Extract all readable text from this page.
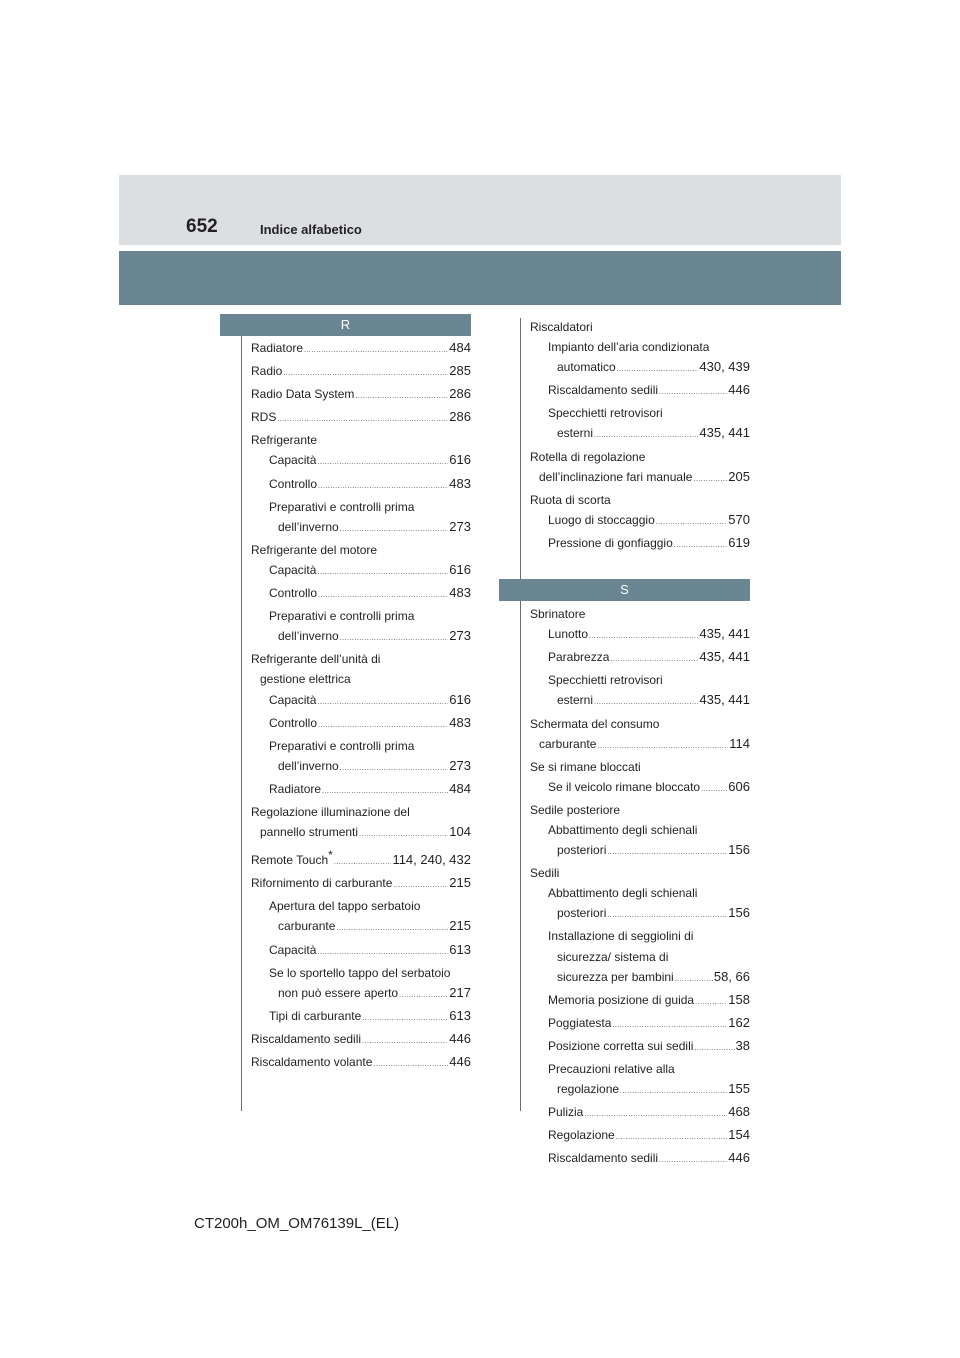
652	Indice alfabetico
R
Radiatore .....	484
Radio .....	285
Radio Data System .....	286
RDS .....	286
Refrigerante
Capacità .....	616
Controllo .....	483
Preparativi e controlli prima
dell’inverno .....	273
Refrigerante del motore
Capacità .....	616
Controllo .....	483
Preparativi e controlli prima
dell’inverno .....	273
Refrigerante dell’unità di
gestione elettrica
Capacità .....	616
Controllo .....	483
Preparativi e controlli prima
dell’inverno .....	273
Radiatore .....	484
Regolazione illuminazione del
pannello strumenti .....	104
Remote Touch* .....	114, 240, 432
Rifornimento di carburante .....	215
Apertura del tappo serbatoio
carburante .....	215
Capacità .....	613
Se lo sportello tappo del serbatoio
non può essere aperto .....	217
Tipi di carburante .....	613
Riscaldamento sedili .....	446
Riscaldamento volante .....	446
Riscaldatori
Impianto dell’aria condizionata
automatico .....	430, 439
Riscaldamento sedili .....	446
Specchietti retrovisori
esterni .....	435, 441
Rotella di regolazione
dell’inclinazione fari manuale .....	205
Ruota di scorta
Luogo di stoccaggio .....	570
Pressione di gonfiaggio .....	619
S
Sbrinatore
Lunotto .....	435, 441
Parabrezza .....	435, 441
Specchietti retrovisori
esterni .....	435, 441
Schermata del consumo
carburante .....	114
Se si rimane bloccati
Se il veicolo rimane bloccato ..... 606
Sedile posteriore
Abbattimento degli schienali
posteriori .....	156
Sedili
Abbattimento degli schienali
posteriori .....	156
Installazione di seggiolini di
sicurezza/ sistema di
sicurezza per bambini .....	58, 66
Memoria posizione di guida .....	158
Poggiatesta .....	162
Posizione corretta sui sedili .....	38
Precauzioni relative alla
regolazione .....	155
Pulizia .....	468
Regolazione .....	154
Riscaldamento sedili .....	446
CT200h_OM_OM76139L_(EL)
